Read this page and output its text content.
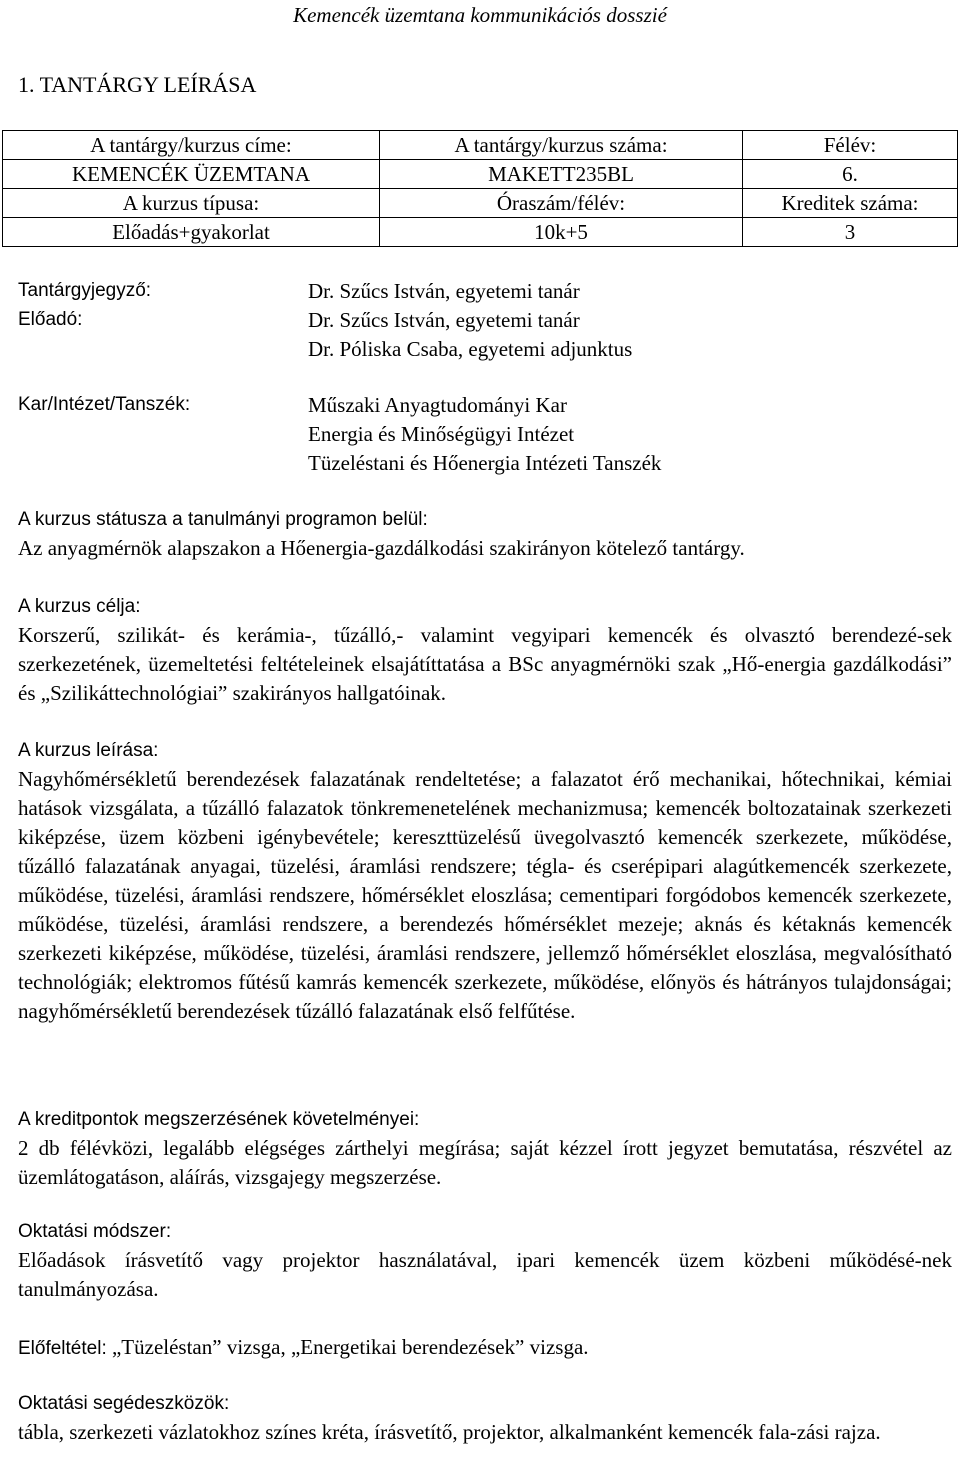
Kemencék üzemtana kommunikációs dosszié
1. TANTÁRGY LEÍRÁSA
A tantárgy/kurzus címe:	A tantárgy/kurzus száma:	Félév:
KEMENCÉK ÜZEMTANA	MAKETT235BL	6.
A kurzus típusa:	Óraszám/félév:	Kreditek száma:
Előadás+gyakorlat	10k+5	3
Tantárgyjegyző:	Dr. Szűcs István, egyetemi tanár
Előadó:	Dr. Szűcs István, egyetemi tanár
Dr. Póliska Csaba, egyetemi adjunktus
Kar/Intézet/Tanszék:	Műszaki Anyagtudományi Kar
Energia és Minőségügyi Intézet
Tüzeléstani és Hőenergia Intézeti Tanszék
A kurzus státusza a tanulmányi programon belül:

Az anyagmérnök alapszakon a Hőenergia-gazdálkodási szakirányon kötelező tantárgy.

A kurzus célja:

Korszerű, szilikát- és kerámia-, tűzálló,- valamint vegyipari kemencék és olvasztó berendezé-sek szerkezetének, üzemeltetési feltételeinek elsajátíttatása a BSc anyagmérnöki szak „Hő-energia gazdálkodási” és „Szilikáttechnológiai” szakirányos hallgatóinak.

A kurzus leírása:

Nagyhőmérsékletű berendezések falazatának rendeltetése; a falazatot érő mechanikai, hőtechnikai, kémiai hatások vizsgálata, a tűzálló falazatok tönkremenetelének mechanizmusa; kemencék boltozatainak szerkezeti kiképzése, üzem közbeni igénybevétele; kereszttüzelésű üvegolvasztó kemencék szerkezete, működése, tűzálló falazatának anyagai, tüzelési, áramlási rendszere; tégla- és cserépipari alagútkemencék szerkezete, működése, tüzelési, áramlási rendszere, hőmérséklet eloszlása; cementipari forgódobos kemencék szerkezete, működése, tüzelési, áramlási rendszere, a berendezés hőmérséklet mezeje; aknás és kétaknás kemencék szerkezeti kiképzése, működése, tüzelési, áramlási rendszere, jellemző hőmérséklet eloszlása, megvalósítható technológiák; elektromos fűtésű kamrás kemencék szerkezete, működése, előnyös és hátrányos tulajdonságai; nagyhőmérsékletű berendezések tűzálló falazatának első felfűtése.

A kreditpontok megszerzésének követelményei:

2 db félévközi, legalább elégséges zárthelyi megírása; saját kézzel írott jegyzet bemutatása, részvétel az üzemlátogatáson, aláírás, vizsgajegy megszerzése.

Oktatási módszer:

Előadások írásvetítő vagy projektor használatával, ipari kemencék üzem közbeni működésé-nek tanulmányozása.

Előfeltétel: „Tüzeléstan” vizsga, „Energetikai berendezések” vizsga.

Oktatási segédeszközök:

tábla, szerkezeti vázlatokhoz színes kréta, írásvetítő, projektor, alkalmanként kemencék fala-zási rajza.
